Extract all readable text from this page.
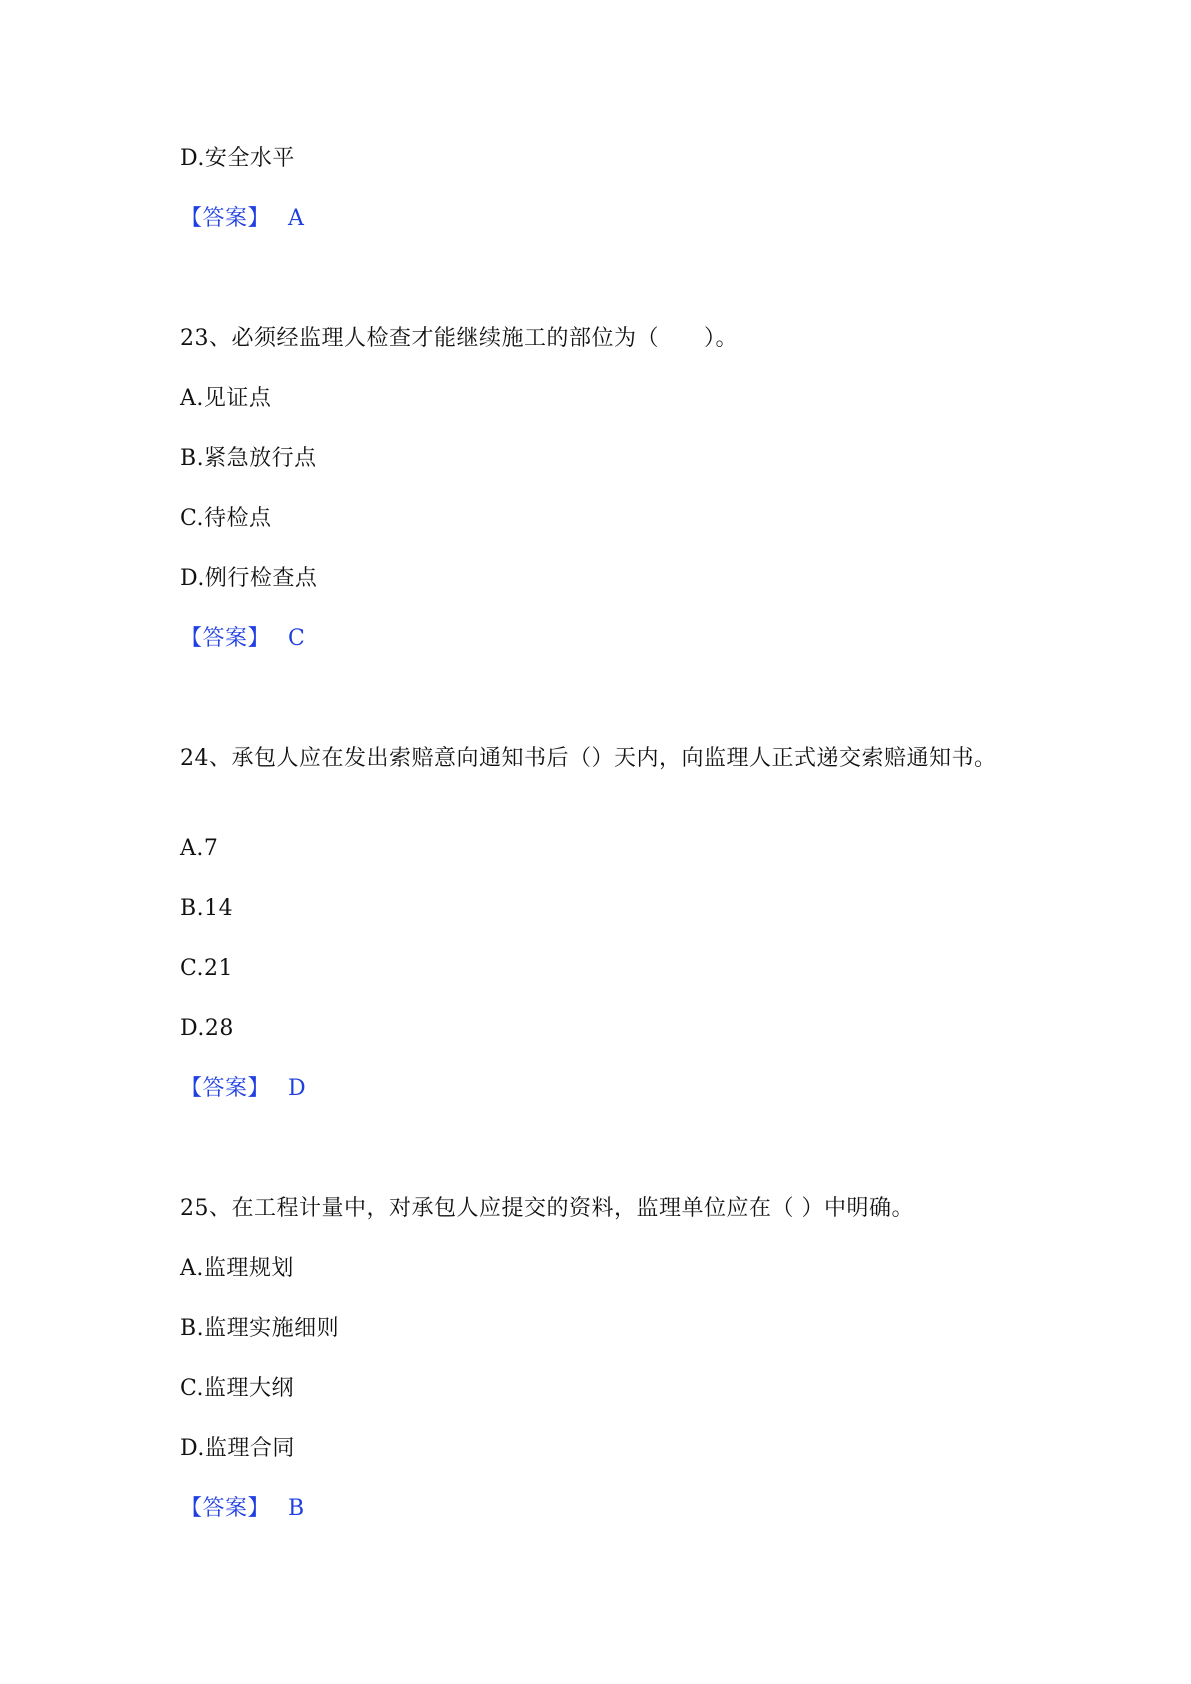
D.安全水平
【答案】 A
23、必须经监理人检查才能继续施工的部位为（　　）。
A.见证点
B.紧急放行点
C.待检点
D.例行检查点
【答案】 C
24、承包人应在发出索赔意向通知书后（）天内，向监理人正式递交索赔通知书。
A.7
B.14
C.21
D.28
【答案】 D
25、在工程计量中，对承包人应提交的资料，监理单位应在（ ）中明确。
A.监理规划
B.监理实施细则
C.监理大纲
D.监理合同
【答案】 B
